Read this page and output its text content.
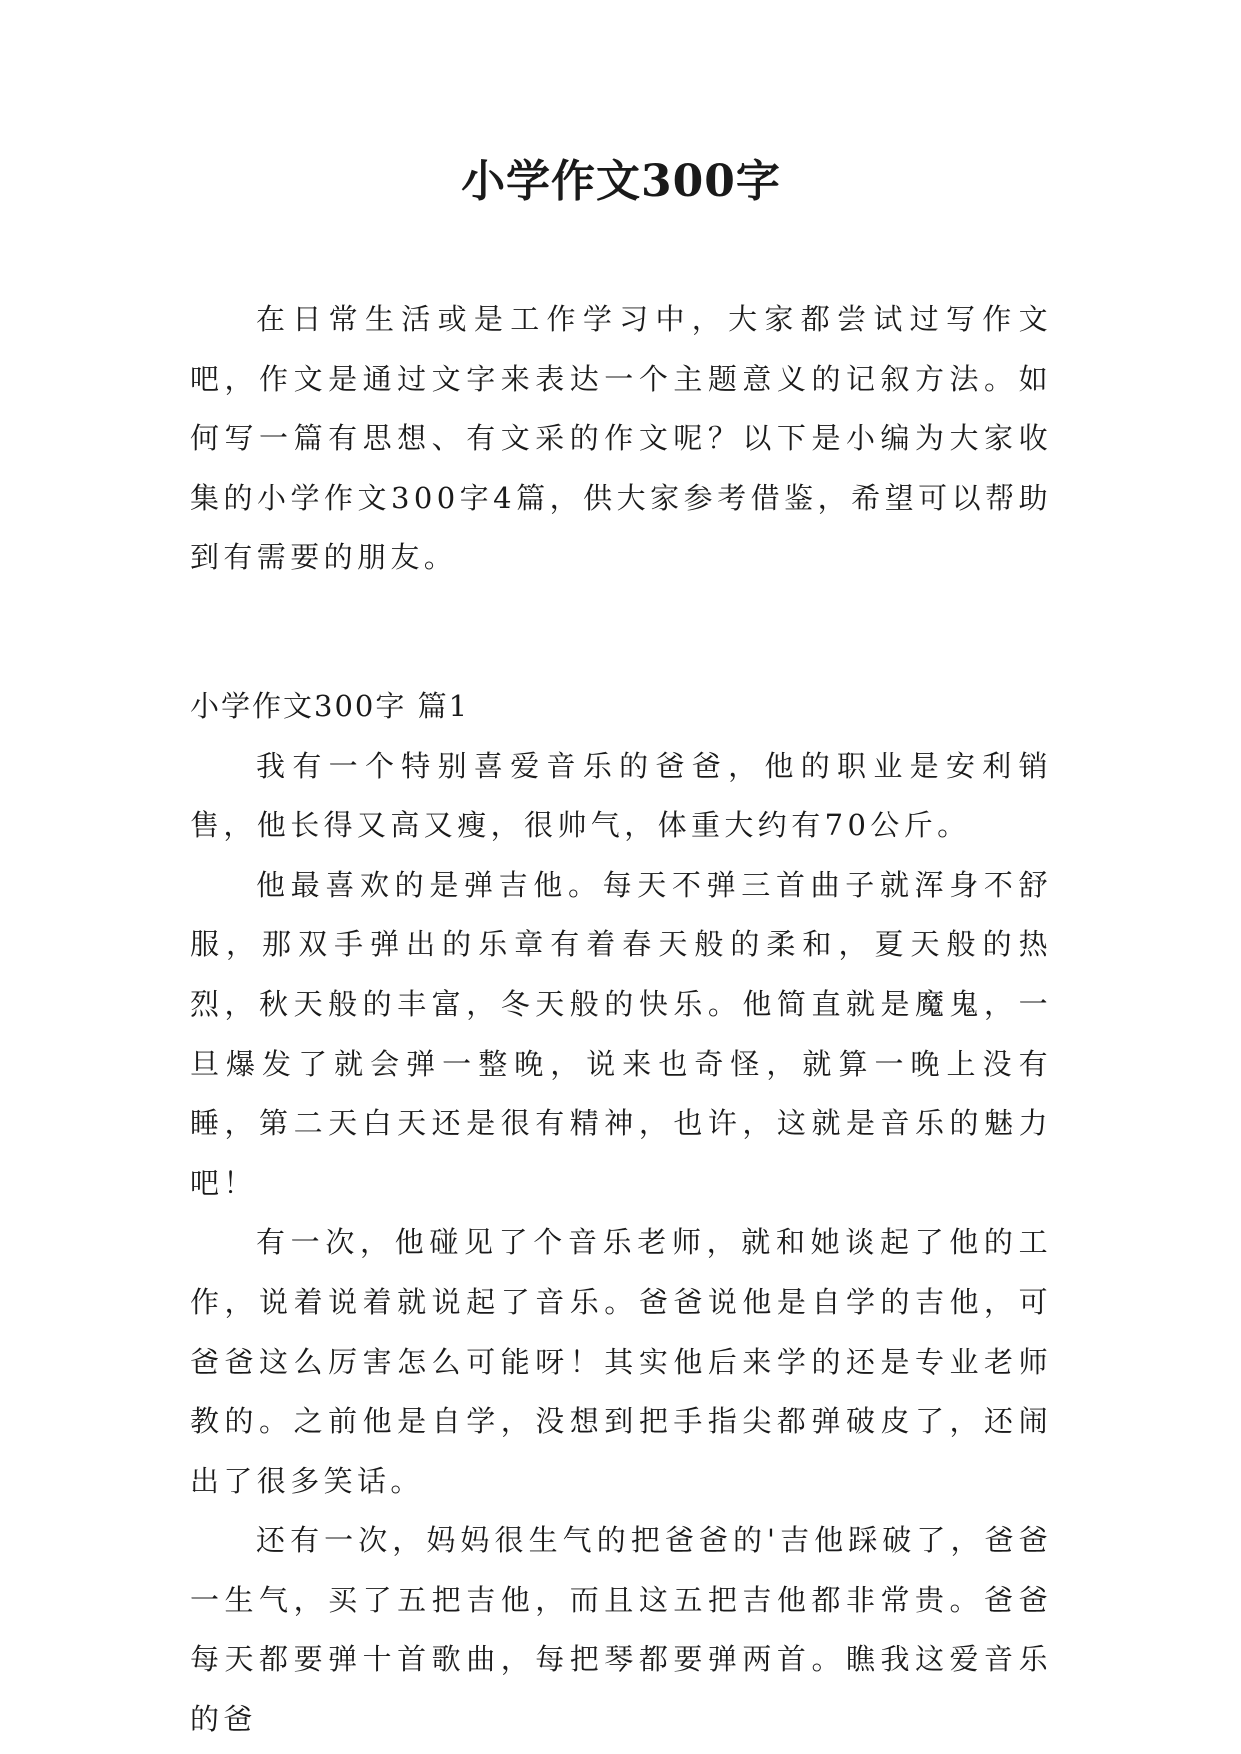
小学作文300字

在日常生活或是工作学习中，大家都尝试过写作文吧，作文是通过文字来表达一个主题意义的记叙方法。如何写一篇有思想、有文采的作文呢？以下是小编为大家收集的小学作文300字4篇，供大家参考借鉴，希望可以帮助到有需要的朋友。

小学作文300字 篇1

我有一个特别喜爱音乐的爸爸，他的职业是安利销售，他长得又高又瘦，很帅气，体重大约有70公斤。

他最喜欢的是弹吉他。每天不弹三首曲子就浑身不舒服，那双手弹出的乐章有着春天般的柔和，夏天般的热烈，秋天般的丰富，冬天般的快乐。他简直就是魔鬼，一旦爆发了就会弹一整晚，说来也奇怪，就算一晚上没有睡，第二天白天还是很有精神，也许，这就是音乐的魅力吧！

有一次，他碰见了个音乐老师，就和她谈起了他的工作，说着说着就说起了音乐。爸爸说他是自学的吉他，可爸爸这么厉害怎么可能呀！其实他后来学的还是专业老师教的。之前他是自学，没想到把手指尖都弹破皮了，还闹出了很多笑话。

还有一次，妈妈很生气的把爸爸的'吉他踩破了，爸爸一生气，买了五把吉他，而且这五把吉他都非常贵。爸爸每天都要弹十首歌曲，每把琴都要弹两首。瞧我这爱音乐的爸
